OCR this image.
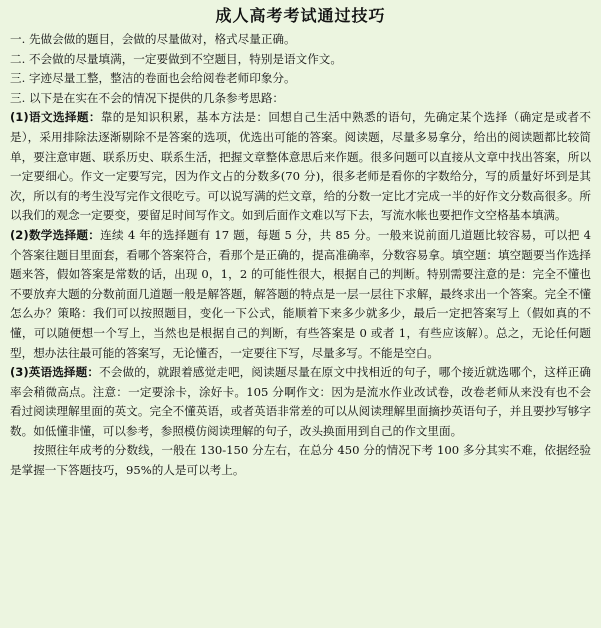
成人高考考试通过技巧

一. 先做会做的题目，会做的尽量做对，格式尽量正确。

二. 不会做的尽量填满，一定要做到不空题目，特别是语文作文。

三. 字迹尽量工整，整洁的卷面也会给阅卷老师印象分。

三. 以下是在实在不会的情况下提供的几条参考思路：

(1)语文选择题：靠的是知识积累，基本方法是：回想自己生活中熟悉的语句，先确定某个选择（确定是或者不是），采用排除法逐渐剔除不是答案的选项，优选出可能的答案。阅读题，尽量多易拿分，给出的阅读题都比较简单，要注意审题、联系历史、联系生活，把握文章整体意思后来作题。很多问题可以直接从文章中找出答案，所以一定要细心。作文一定要写完，因为作文占的分数多(70 分)，很多老师是看你的字数给分，写的质量好坏到是其次，所以有的考生没写完作文很吃亏。可以说写满的烂文章，给的分数一定比才完成一半的好作文分数高很多。所以我们的观念一定要变，要留足时间写作文。如到后面作文难以写下去，写流水帐也要把作文空格基本填满。

(2)数学选择题：连续 4 年的选择题有 17 题，每题 5 分，共 85 分。一般来说前面几道题比较容易，可以把 4 个答案往题目里面套，看哪个答案符合，看那个是正确的，提高准确率，分数容易拿。填空题：填空题要当作选择题来答，假如答案是常数的话，出现 0，1，2 的可能性很大，根据自己的判断。特别需要注意的是：完全不懂也不要放弃大题的分数前面几道题一般是解答题，解答题的特点是一层一层往下求解，最终求出一个答案。完全不懂怎么办？策略：我们可以按照题目，变化一下公式，能顺着下来多少就多少，最后一定把答案写上（假如真的不懂，可以随便想一个写上，当然也是根据自己的判断，有些答案是 0 或者 1，有些应该解）。总之，无论任何题型，想办法往最可能的答案写，无论懂否，一定要往下写，尽量多写。不能是空白。

(3)英语选择题：不会做的，就跟着感觉走吧，阅读题尽量在原文中找相近的句子，哪个接近就选哪个，这样正确率会稍微高点。注意：一定要涂卡，涂好卡。105 分啊作文：因为是流水作业改试卷，改卷老师从来没有也不会看过阅读理解里面的英文。完全不懂英语，或者英语非常差的可以从阅读理解里面摘抄英语句子，并且要抄写够字数。如低懂非懂，可以参考，参照模仿阅读理解的句子，改头换面用到自己的作文里面。

按照往年成考的分数线，一般在 130-150 分左右，在总分 450 分的情况下考 100 多分其实不难，依据经验是掌握一下答题技巧，95%的人是可以考上。
